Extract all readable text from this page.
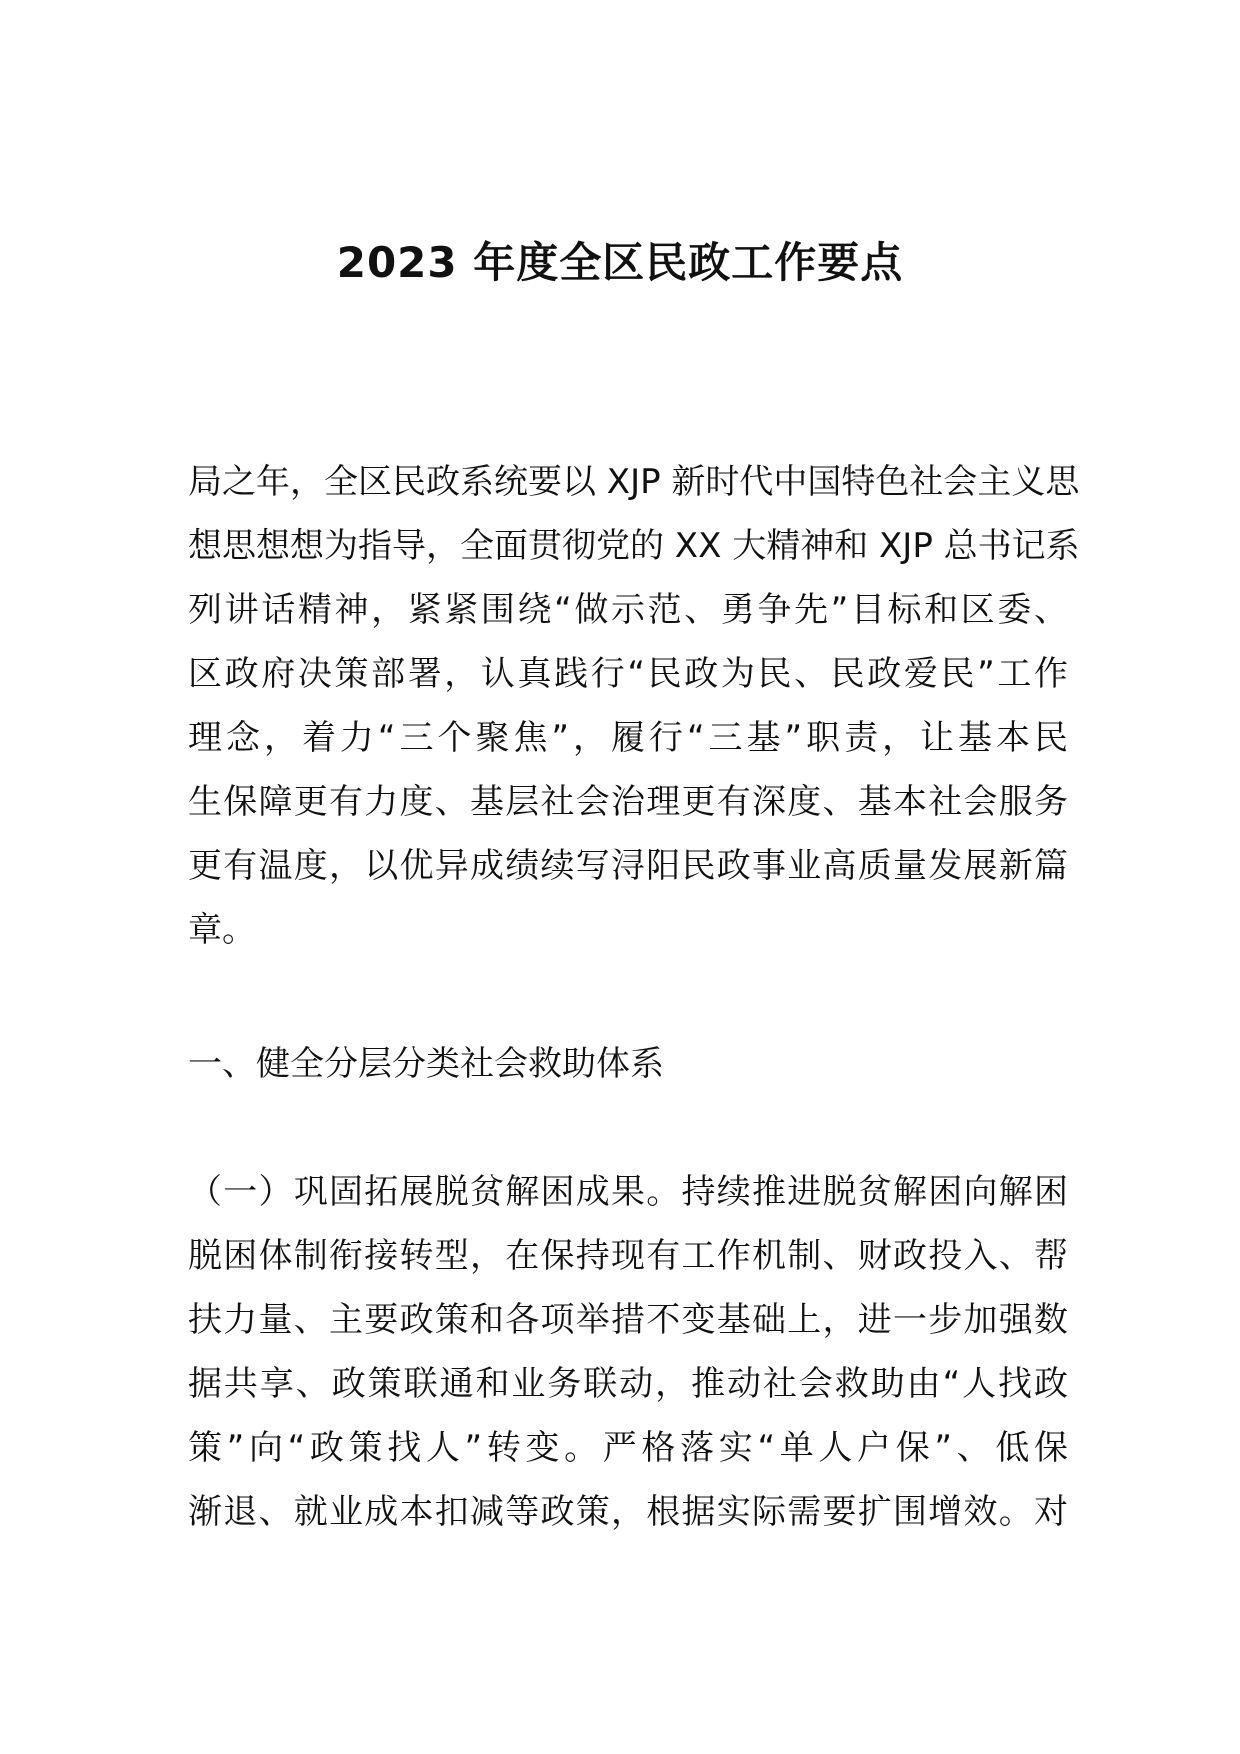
2023 年度全区民政工作要点
局之年，全区民政系统要以 XJP 新时代中国特色社会主义思
想思想想为指导，全面贯彻党的 XX 大精神和 XJP 总书记系
列讲话精神，紧紧围绕“做示范、勇争先”目标和区委、
区政府决策部署，认真践行“民政为民、民政爱民”工作
理念，着力“三个聚焦”，履行“三基”职责，让基本民
生保障更有力度、基层社会治理更有深度、基本社会服务
更有温度，以优异成绩续写浔阳民政事业高质量发展新篇
章。
一、健全分层分类社会救助体系
（一）巩固拓展脱贫解困成果。持续推进脱贫解困向解困
脱困体制衔接转型，在保持现有工作机制、财政投入、帮
扶力量、主要政策和各项举措不变基础上，进一步加强数
据共享、政策联通和业务联动，推动社会救助由“人找政
策”向“政策找人”转变。严格落实“单人户保”、低保
渐退、就业成本扣减等政策，根据实际需要扩围增效。对
